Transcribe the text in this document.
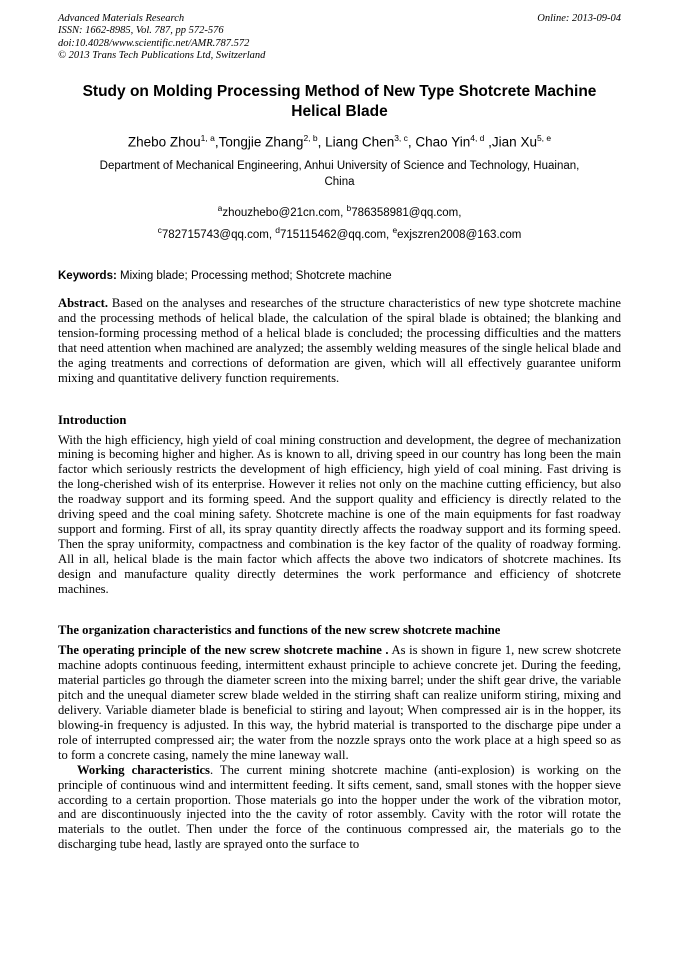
Advanced Materials Research
ISSN: 1662-8985, Vol. 787, pp 572-576
doi:10.4028/www.scientific.net/AMR.787.572
© 2013 Trans Tech Publications Ltd, Switzerland
Online: 2013-09-04
Study on Molding Processing Method of New Type Shotcrete Machine Helical Blade
Zhebo Zhou$^{1, a}$,Tongjie Zhang$^{2, b}$, Liang Chen$^{3, c}$, Chao Yin$^{4, d}$ ,Jian Xu$^{5, e}$
Department of Mechanical Engineering, Anhui University of Science and Technology, Huainan, China
$^a$zhouzhebo@21cn.com, $^b$786358981@qq.com,
$^c$782715743@qq.com, $^d$715115462@qq.com, $^e$exjszren2008@163.com

Keywords: Mixing blade; Processing method; Shotcrete machine

Abstract. Based on the analyses and researches of the structure characteristics of new type shotcrete machine and the processing methods of helical blade, the calculation of the spiral blade is obtained; the blanking and tension-forming processing method of a helical blade is concluded; the processing difficulties and the matters that need attention when machined are analyzed; the assembly welding measures of the single helical blade and the aging treatments and corrections of deformation are given, which will all effectively guarantee uniform mixing and quantitative delivery function requirements.

Introduction

With the high efficiency, high yield of coal mining construction and development, the degree of mechanization mining is becoming higher and higher. As is known to all, driving speed in our country has long been the main factor which seriously restricts the development of high efficiency, high yield of coal mining. Fast driving is the long-cherished wish of its enterprise. However it relies not only on the machine cutting efficiency, but also the roadway support and its forming speed. And the support quality and efficiency is directly related to the driving speed and the coal mining safety. Shotcrete machine is one of the main equipments for fast roadway support and forming. First of all, its spray quantity directly affects the roadway support and its forming speed. Then the spray uniformity, compactness and combination is the key factor of the quality of roadway forming. All in all, helical blade is the main factor which affects the above two indicators of shotcrete machines. Its design and manufacture quality directly determines the work performance and efficiency of shotcrete machines.

The organization characteristics and functions of the new screw shotcrete machine

The operating principle of the new screw shotcrete machine . As is shown in figure 1, new screw shotcrete machine adopts continuous feeding, intermittent exhaust principle to achieve concrete jet. During the feeding, material particles go through the diameter screen into the mixing barrel; under the shift gear drive, the variable pitch and the unequal diameter screw blade welded in the stirring shaft can realize uniform stiring, mixing and delivery. Variable diameter blade is beneficial to stiring and layout; When compressed air is in the hopper, its blowing-in frequency is adjusted. In this way, the hybrid material is transported to the discharge pipe under a role of interrupted compressed air; the water from the nozzle sprays onto the work place at a high speed so as to form a concrete casing, namely the mine laneway wall.

Working characteristics. The current mining shotcrete machine (anti-explosion) is working on the principle of continuous wind and intermittent feeding. It sifts cement, sand, small stones with the hopper sieve according to a certain proportion. Those materials go into the hopper under the work of the vibration motor, and are discontinuously injected into the the cavity of rotor assembly. Cavity with the rotor will rotate the materials to the outlet. Then under the force of the continuous compressed air, the materials go to the discharging tube head, lastly are sprayed onto the surface to
